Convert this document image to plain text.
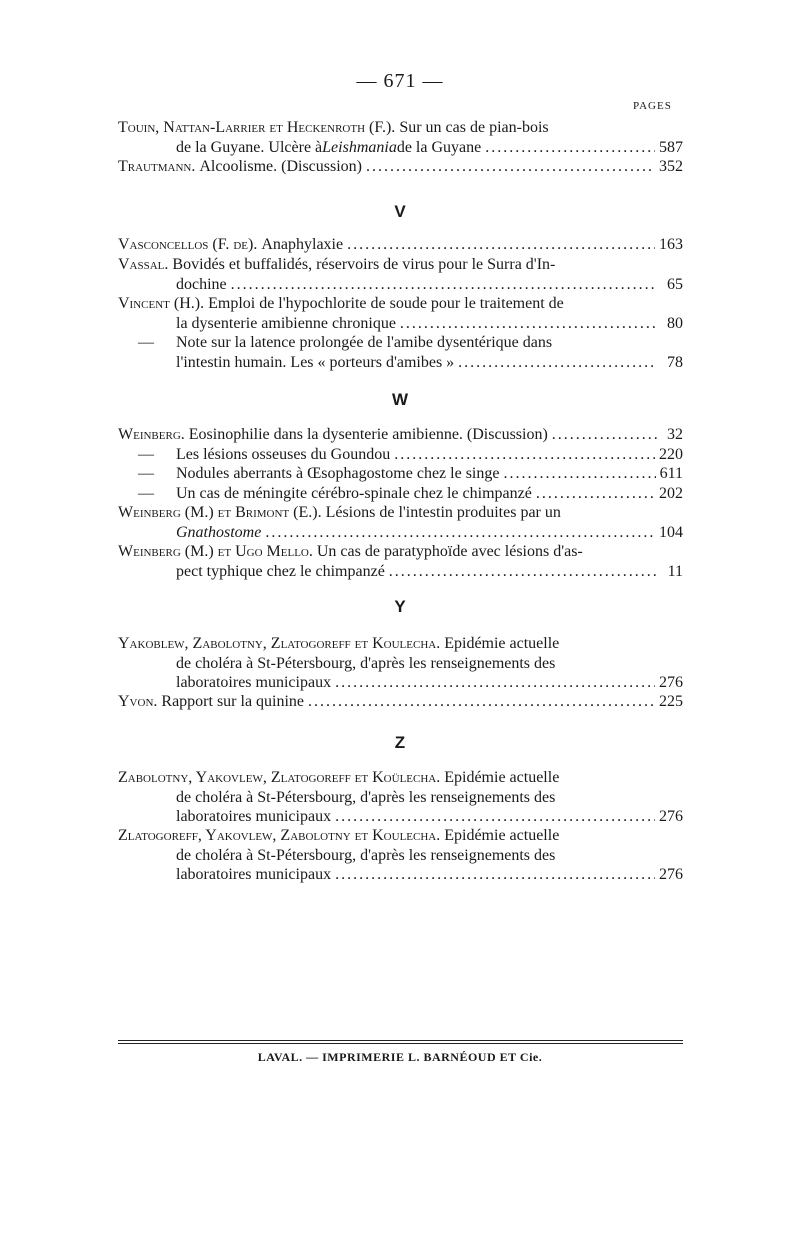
— 671 —
PAGES
Touin, Nattan-Larrier et Heckenroth (F.).
Sur un cas de pian-bois
de la Guyane. Ulcère à Leishmania de la Guyane .....	587
Trautmann.
Alcoolisme. (Discussion) .....	352
V
Vasconcellos (F. de).
Anaphylaxie .....	163
Vassal.
Bovidés et buffalidés, réservoirs de virus pour le Surra d'In-
dochine .....	65
Vincent (H.).
Emploi de l'hypochlorite de soude pour le traitement de
la dysenterie amibienne chronique .....	80
—	Note sur la latence prolongée de l'amibe dysentérique dans
l'intestin humain. Les « porteurs d'amibes » .....	78
W
Weinberg.
Eosinophilie dans la dysenterie amibienne. (Discussion) .....	32
—	Les lésions osseuses du Goundou .....	220
—	Nodules aberrants à Œsophagostome chez le singe .....	611
—	Un cas de méningite cérébro-spinale chez le chimpanzé .....	202
Weinberg (M.) et Brimont (E.).
Lésions de l'intestin produites par un
Gnathostome .....	104
Weinberg (M.) et Ugo Mello.
Un cas de paratyphoïde avec lésions d'as-
pect typhique chez le chimpanzé .....	11
Y
Yakoblew, Zabolotny, Zlatogoreff et Koulecha.
Epidémie actuelle
de choléra à St-Pétersbourg, d'après les renseignements des
laboratoires municipaux .....	276
Yvon.
Rapport sur la quinine .....	225
Z
Zabolotny, Yakovlew, Zlatogoreff et Koülecha.
Epidémie actuelle
de choléra à St-Pétersbourg, d'après les renseignements des
laboratoires municipaux .....	276
Zlatogoreff, Yakovlew, Zabolotny et Koulecha.
Epidémie actuelle
de choléra à St-Pétersbourg, d'après les renseignements des
laboratoires municipaux .....	276
LAVAL. — IMPRIMERIE L. BARNÉOUD ET Cie.
